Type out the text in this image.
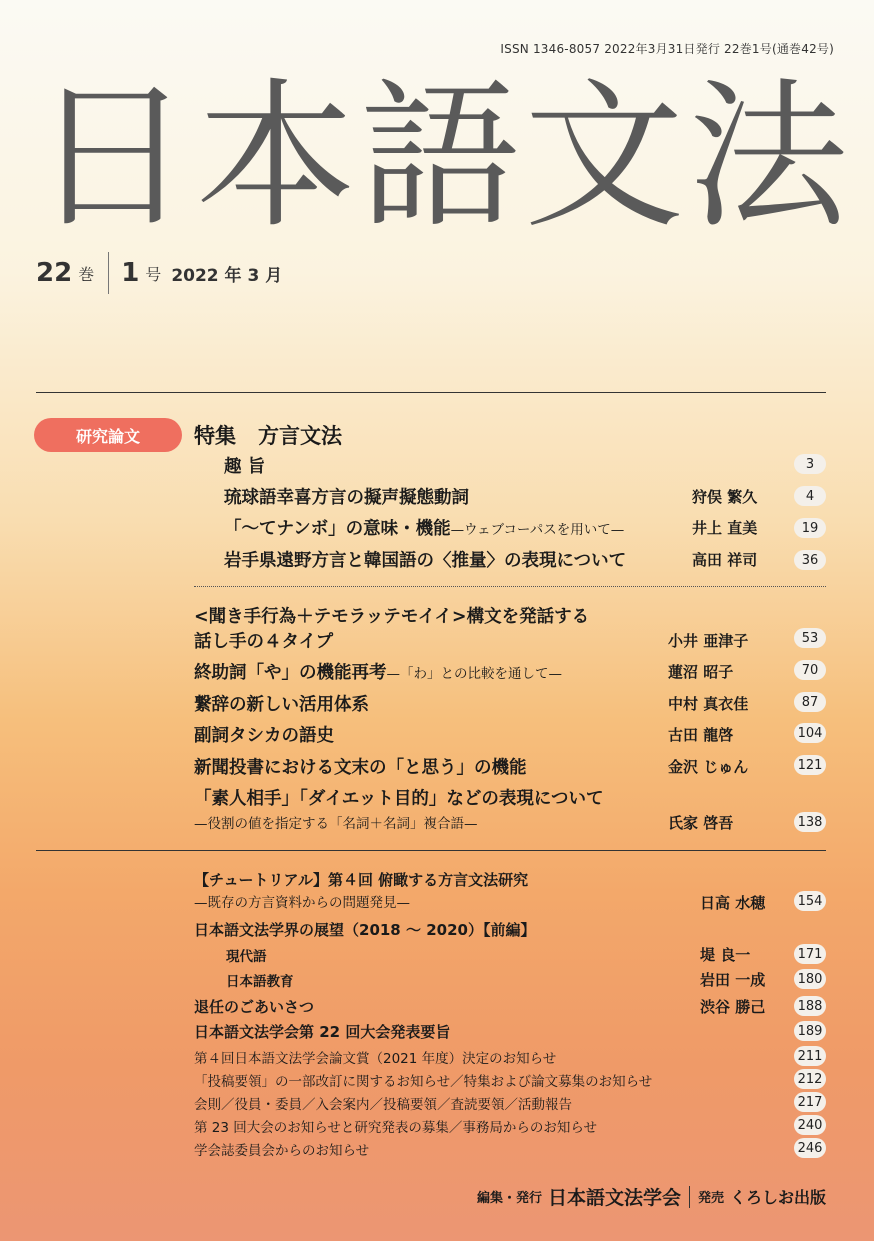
ISSN 1346-8057 2022年3月31日発行 22巻1号(通巻42号)
日 本 語 文 法
22 巻 1 号 2022 年 3 月
研究論文	特集 方言文法
趣 旨	3
琉球語幸喜方言の擬声擬態動詞	狩俣 繁久	4
「〜てナンボ」の意味・機能—ウェブコーパスを用いて—	井上 直美	19
岩手県遠野方言と韓国語の〈推量〉の表現について	高田 祥司	36
<聞き手行為＋テモラッテモイイ>構文を発話する
話し手の４タイプ	小井 亜津子	53
終助詞「や」の機能再考—「わ」との比較を通して—	蓮沼 昭子	70
繋辞の新しい活用体系	中村 真衣佳	87
副詞タシカの語史	古田 龍啓	104
新聞投書における文末の「と思う」の機能	金沢 じゅん	121
「素人相手」「ダイエット目的」などの表現について
—役割の値を指定する「名詞＋名詞」複合語—	氏家 啓吾	138
【チュートリアル】第４回 俯瞰する方言文法研究
—既存の方言資料からの問題発見—	日高 水穂 154
日本語文法学界の展望（2018 〜 2020）【前編】
現代語	堤 良一	171
日本語教育	岩田 一成 180
退任のごあいさつ	渋谷 勝己 188
日本語文法学会第 22 回大会発表要旨	189
第４回日本語文法学会論文賞（2021 年度）決定のお知らせ	211
「投稿要領」の一部改訂に関するお知らせ／特集および論文募集のお知らせ	212
会則／役員・委員／入会案内／投稿要領／査読要領／活動報告	217
第 23 回大会のお知らせと研究発表の募集／事務局からのお知らせ	240
学会誌委員会からのお知らせ	246
編集・発行 日本語文法学会 発売 くろしお出版
